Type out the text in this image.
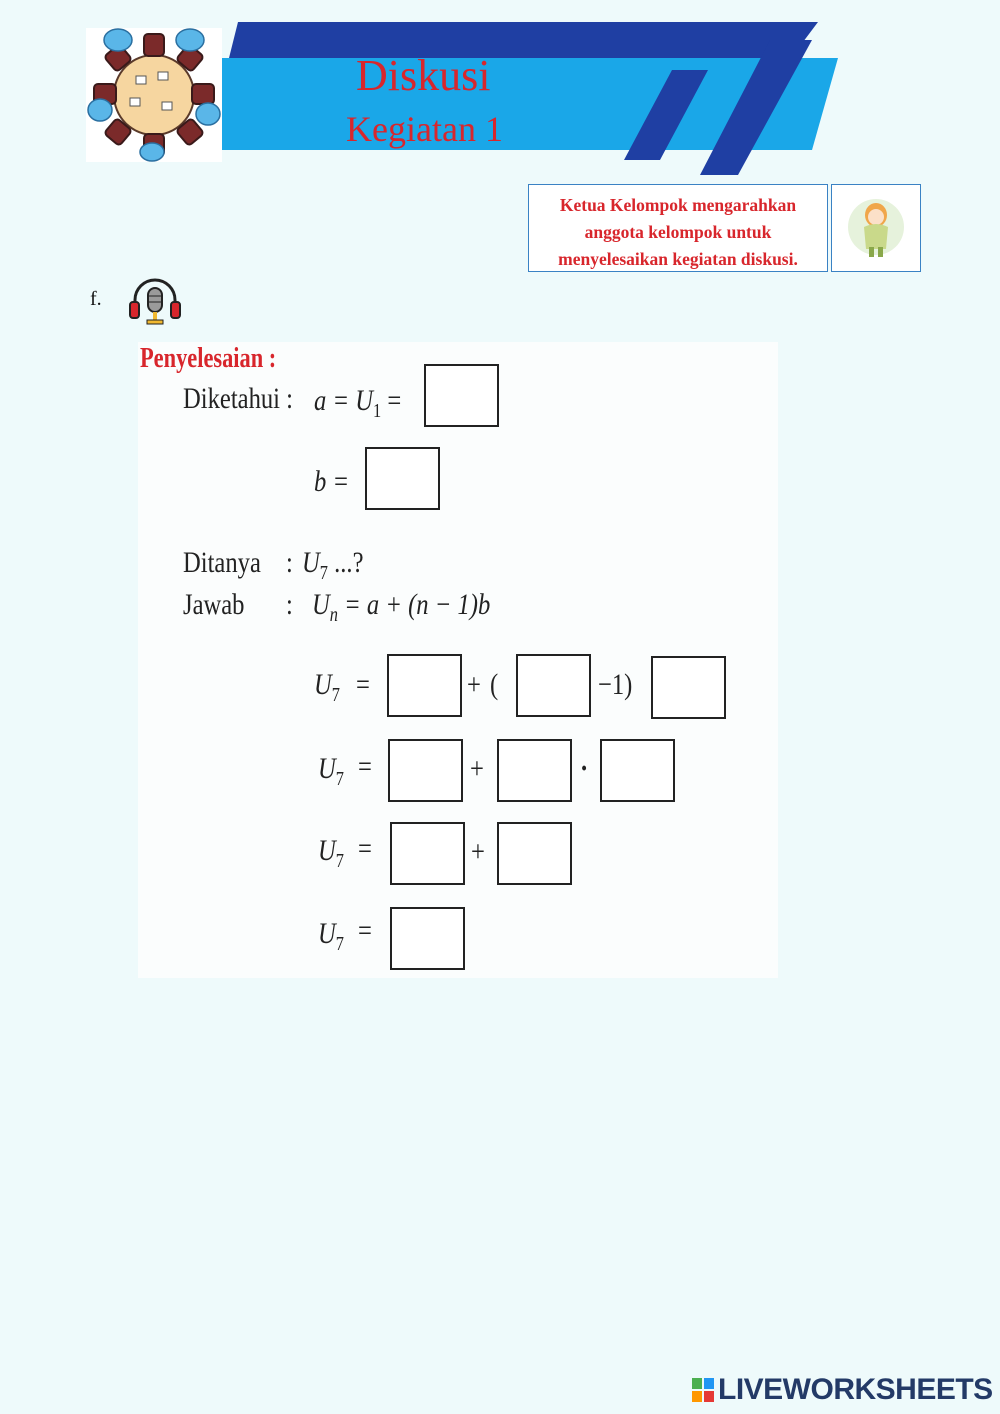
Diskusi
Kegiatan 1
Ketua Kelompok mengarahkan
anggota kelompok untuk
menyelesaikan kegiatan diskusi.
f.
Penyelesaian :
Diketahui : $a = U_1$ =
b =
Ditanya : $U_7$ ...?
Jawab : $U_n = a + (n - 1)b$
$U_7$ =	+ (	−1)
$U_7$ =	+	·
$U_7$ =	+
$U_7$ =
LIVEWORKSHEETS
